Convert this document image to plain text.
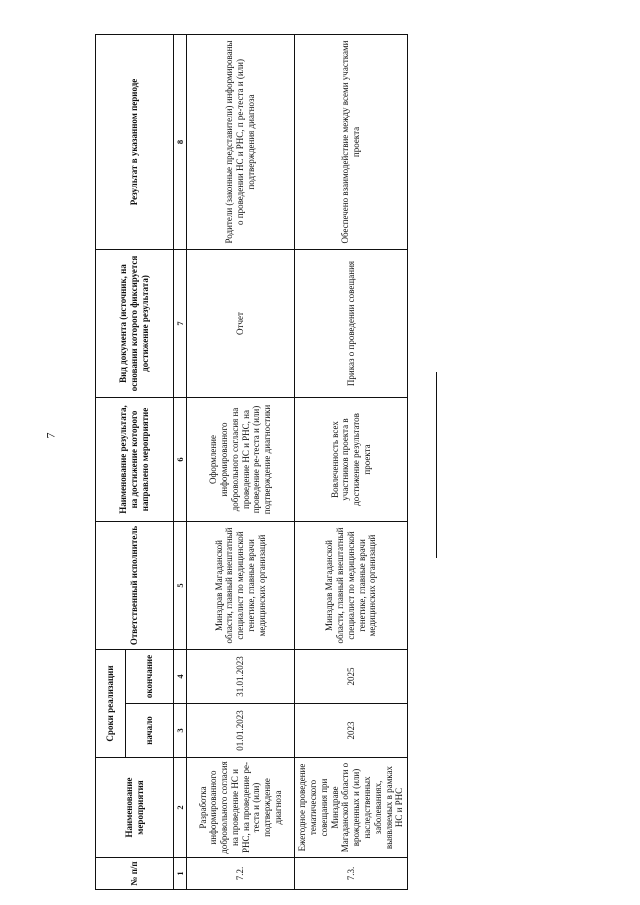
7
№ п/п	Наименование мероприятия	Сроки реализации		Ответственный исполнитель	Наименование результата, на достижение которого направлено мероприятие	Вид документа (источник, на основании которого фиксируется достижение результата)	Результат в указанном периоде
		начало	окончание				
1	2	3	4	5	6	7	8
7.2.	Разработка информированного добровольного согласия на проведение НС и РНС, на проведение ре-теста и (или) подтверждение диагноза	01.01.2023	31.01.2023	Минздрав Магаданской области, главный внештатный специалист по медицинской генетике, главные врачи медицинских организаций	Оформление информированного добровольного согласия на проведение НС и РНС, на проведение ре-теста и (или) подтверждение диагностики	Отчет	Родители (законные представители) информированы о проведении НС и РНС, п ре-теста и (или) подтверждения диагноза
7.3.	Ежегодное проведение тематического совещания при Минздраве Магаданской области о врожденных и (или) наследственных заболеваниях, выявляемых в рамках НС и РНС	2023	2025	Минздрав Магаданской области, главный внештатный специалист по медицинской генетике, главные врачи медицинских организаций	Вовлеченность всех участников проекта в достижение результатов проекта	Приказ о проведении совещания	Обеспечено взаимодействие между всеми участками проекта
